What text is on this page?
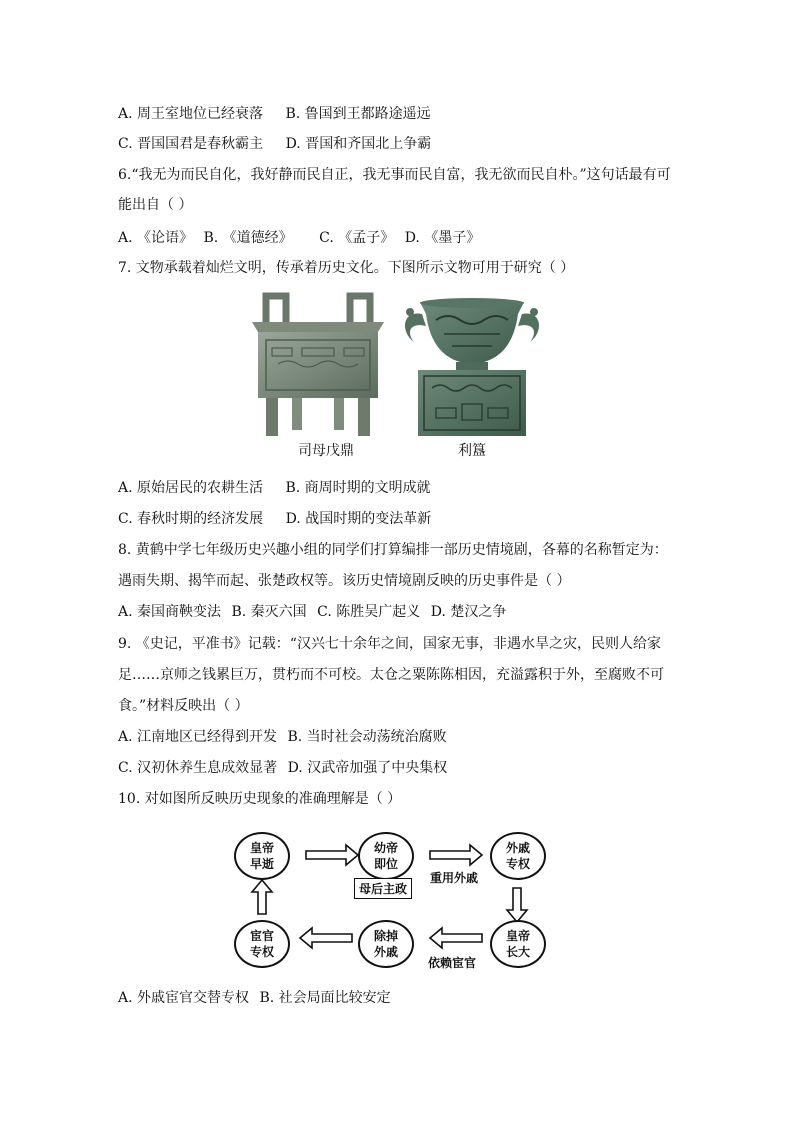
A. 周王室地位已经衰落 B. 鲁国到王都路途遥远
C. 晋国国君是春秋霸主 D. 晋国和齐国北上争霸
6.“我无为而民自化，我好静而民自正，我无事而民自富，我无欲而民自朴。”这句话最有可
能出自（ ）
A. 《论语》 B. 《道德经》 C. 《孟子》 D. 《墨子》
7. 文物承载着灿烂文明，传承着历史文化。下图所示文物可用于研究（ ）
司母戊鼎	利簋
A. 原始居民的农耕生活 B. 商周时期的文明成就
C. 春秋时期的经济发展 D. 战国时期的变法革新
8. 黄鹤中学七年级历史兴趣小组的同学们打算编排一部历史情境剧，各幕的名称暂定为：
遇雨失期、揭竿而起、张楚政权等。该历史情境剧反映的历史事件是（ ）
A. 秦国商鞅变法 B. 秦灭六国 C. 陈胜吴广起义 D. 楚汉之争
9. 《史记，平准书》记载：“汉兴七十余年之间，国家无事，非遇水旱之灾，民则人给家
足……京师之钱累巨万，贯朽而不可校。太仓之粟陈陈相因，充溢露积于外，至腐败不可
食。”材料反映出（ ）
A. 江南地区已经得到开发 B. 当时社会动荡统治腐败
C. 汉初休养生息成效显著 D. 汉武帝加强了中央集权
10. 对如图所反映历史现象的准确理解是（ ）
皇帝早逝
幼帝即位
外戚专权
皇帝长大
除掉外戚
宦官专权
母后主政
重用外戚
依赖宦官
A. 外戚宦官交替专权 B. 社会局面比较安定
